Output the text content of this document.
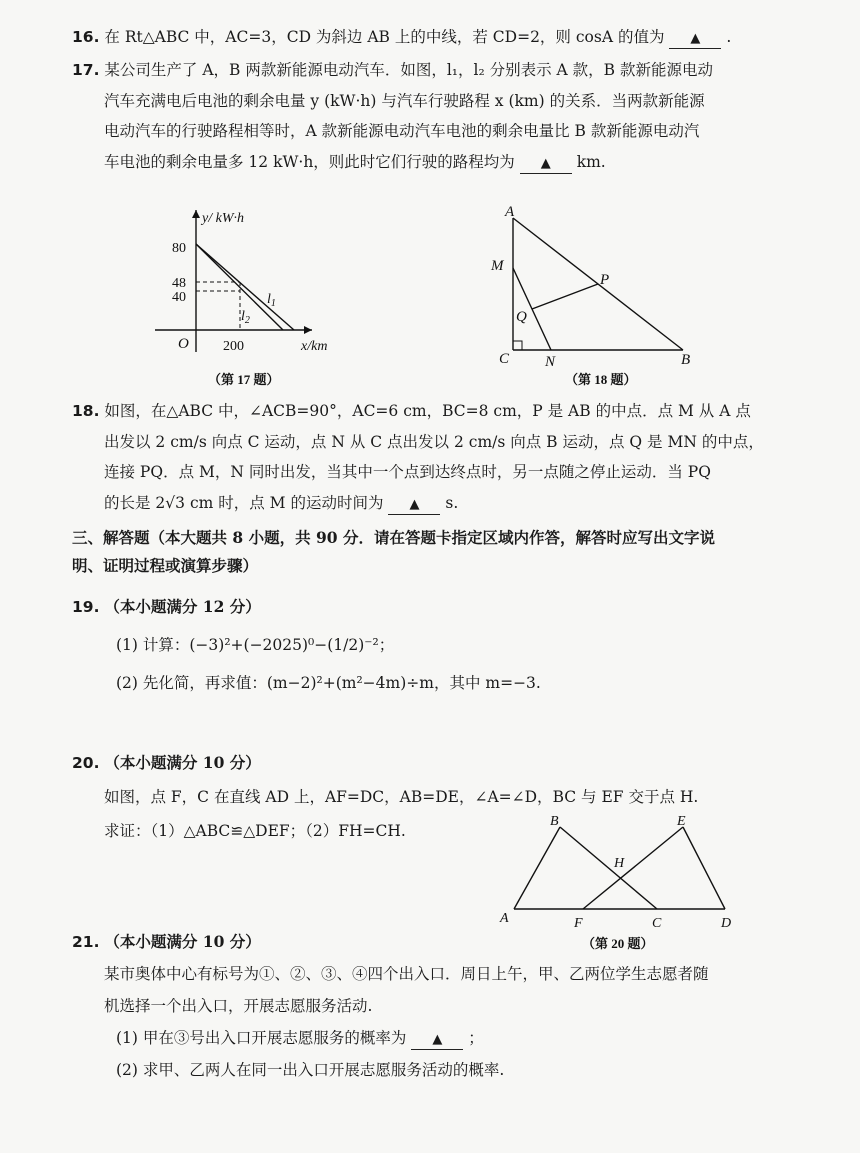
16. 在 Rt△ABC 中，AC=3，CD 为斜边 AB 上的中线，若 CD=2，则 cosA 的值为 ▲ .
17. 某公司生产了 A，B 两款新能源电动汽车．如图，l₁，l₂ 分别表示 A 款，B 款新能源电动
汽车充满电后电池的剩余电量 y (kW·h) 与汽车行驶路程 x (km) 的关系．当两款新能源
电动汽车的行驶路程相等时，A 款新能源电动汽车电池的剩余电量比 B 款新能源电动汽
车电池的剩余电量多 12 kW·h，则此时它们行驶的路程均为 ▲ km.
y/ kW·h
x/km
O
80
48
40
200
$l_1$
$l_2$
（第 17 题）
A
M
P
Q
C N	B
（第 18 题）
B	E
H
A	F	C	D
（第 20 题）
18. 如图，在△ABC 中，∠ACB=90°，AC=6 cm，BC=8 cm，P 是 AB 的中点．点 M 从 A 点
出发以 2 cm/s 向点 C 运动，点 N 从 C 点出发以 2 cm/s 向点 B 运动，点 Q 是 MN 的中点，
连接 PQ．点 M，N 同时出发，当其中一个点到达终点时，另一点随之停止运动．当 PQ
的长是 2√3 cm 时，点 M 的运动时间为 ▲ s.
三、解答题（本大题共 8 小题，共 90 分．请在答题卡指定区域内作答，解答时应写出文字说
明、证明过程或演算步骤）
19. （本小题满分 12 分）
(1) 计算：(−3)²+(−2025)⁰−(1/2)⁻²；
(2) 先化简，再求值：(m−2)²+(m²−4m)÷m，其中 m=−3.
20. （本小题满分 10 分）
如图，点 F，C 在直线 AD 上，AF=DC，AB=DE，∠A=∠D，BC 与 EF 交于点 H.
求证：（1）△ABC≌△DEF；（2）FH=CH.
21. （本小题满分 10 分）
某市奥体中心有标号为①、②、③、④四个出入口．周日上午，甲、乙两位学生志愿者随
机选择一个出入口，开展志愿服务活动.
(1) 甲在③号出入口开展志愿服务的概率为 ▲ ；
(2) 求甲、乙两人在同一出入口开展志愿服务活动的概率.
